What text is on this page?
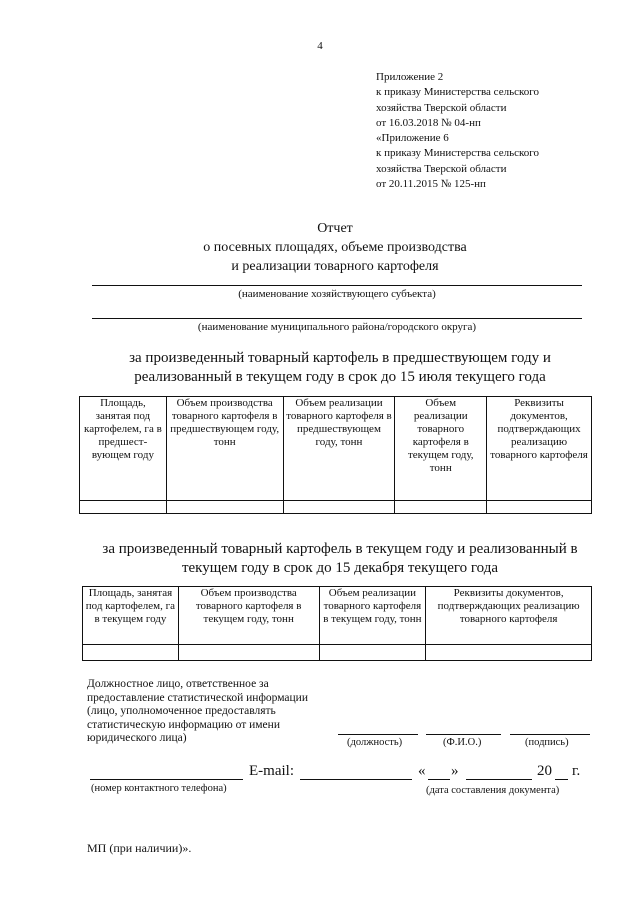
4
Приложение 2
к приказу Министерства сельского
хозяйства Тверской области
от 16.03.2018 № 04-нп
«Приложение 6
к приказу Министерства сельского
хозяйства Тверской области
от 20.11.2015 № 125-нп
Отчет
о посевных площадях, объеме производства
и реализации товарного картофеля
(наименование хозяйствующего субъекта)
(наименование муниципального района/городского округа)
за произведенный товарный картофель в предшествующем году и
реализованный в текущем году в срок до 15 июля текущего года
Площадь, занятая под картофелем, га в предшест-вующем году	Объем производства товарного картофеля в предшествующем году, тонн	Объем реализации товарного картофеля в предшествующем году, тонн	Объем реализации товарного картофеля в текущем году, тонн	Реквизиты документов, подтверждающих реализацию товарного картофеля

за произведенный товарный картофель в текущем году и реализованный в
текущем году в срок до 15 декабря текущего года
Площадь, занятая под картофелем, га в текущем году	Объем производства товарного картофеля в текущем году, тонн	Объем реализации товарного картофеля в текущем году, тонн	Реквизиты документов, подтверждающих реализацию товарного картофеля

Должностное лицо, ответственное за предоставление статистической информации (лицо, уполномоченное предоставлять статистическую информацию от имени юридического лица)	(должность)	(Ф.И.О.)	(подпись)
E-mail:	« »	20 г.
(номер контактного телефона)	(дата составления документа)
МП (при наличии)».
